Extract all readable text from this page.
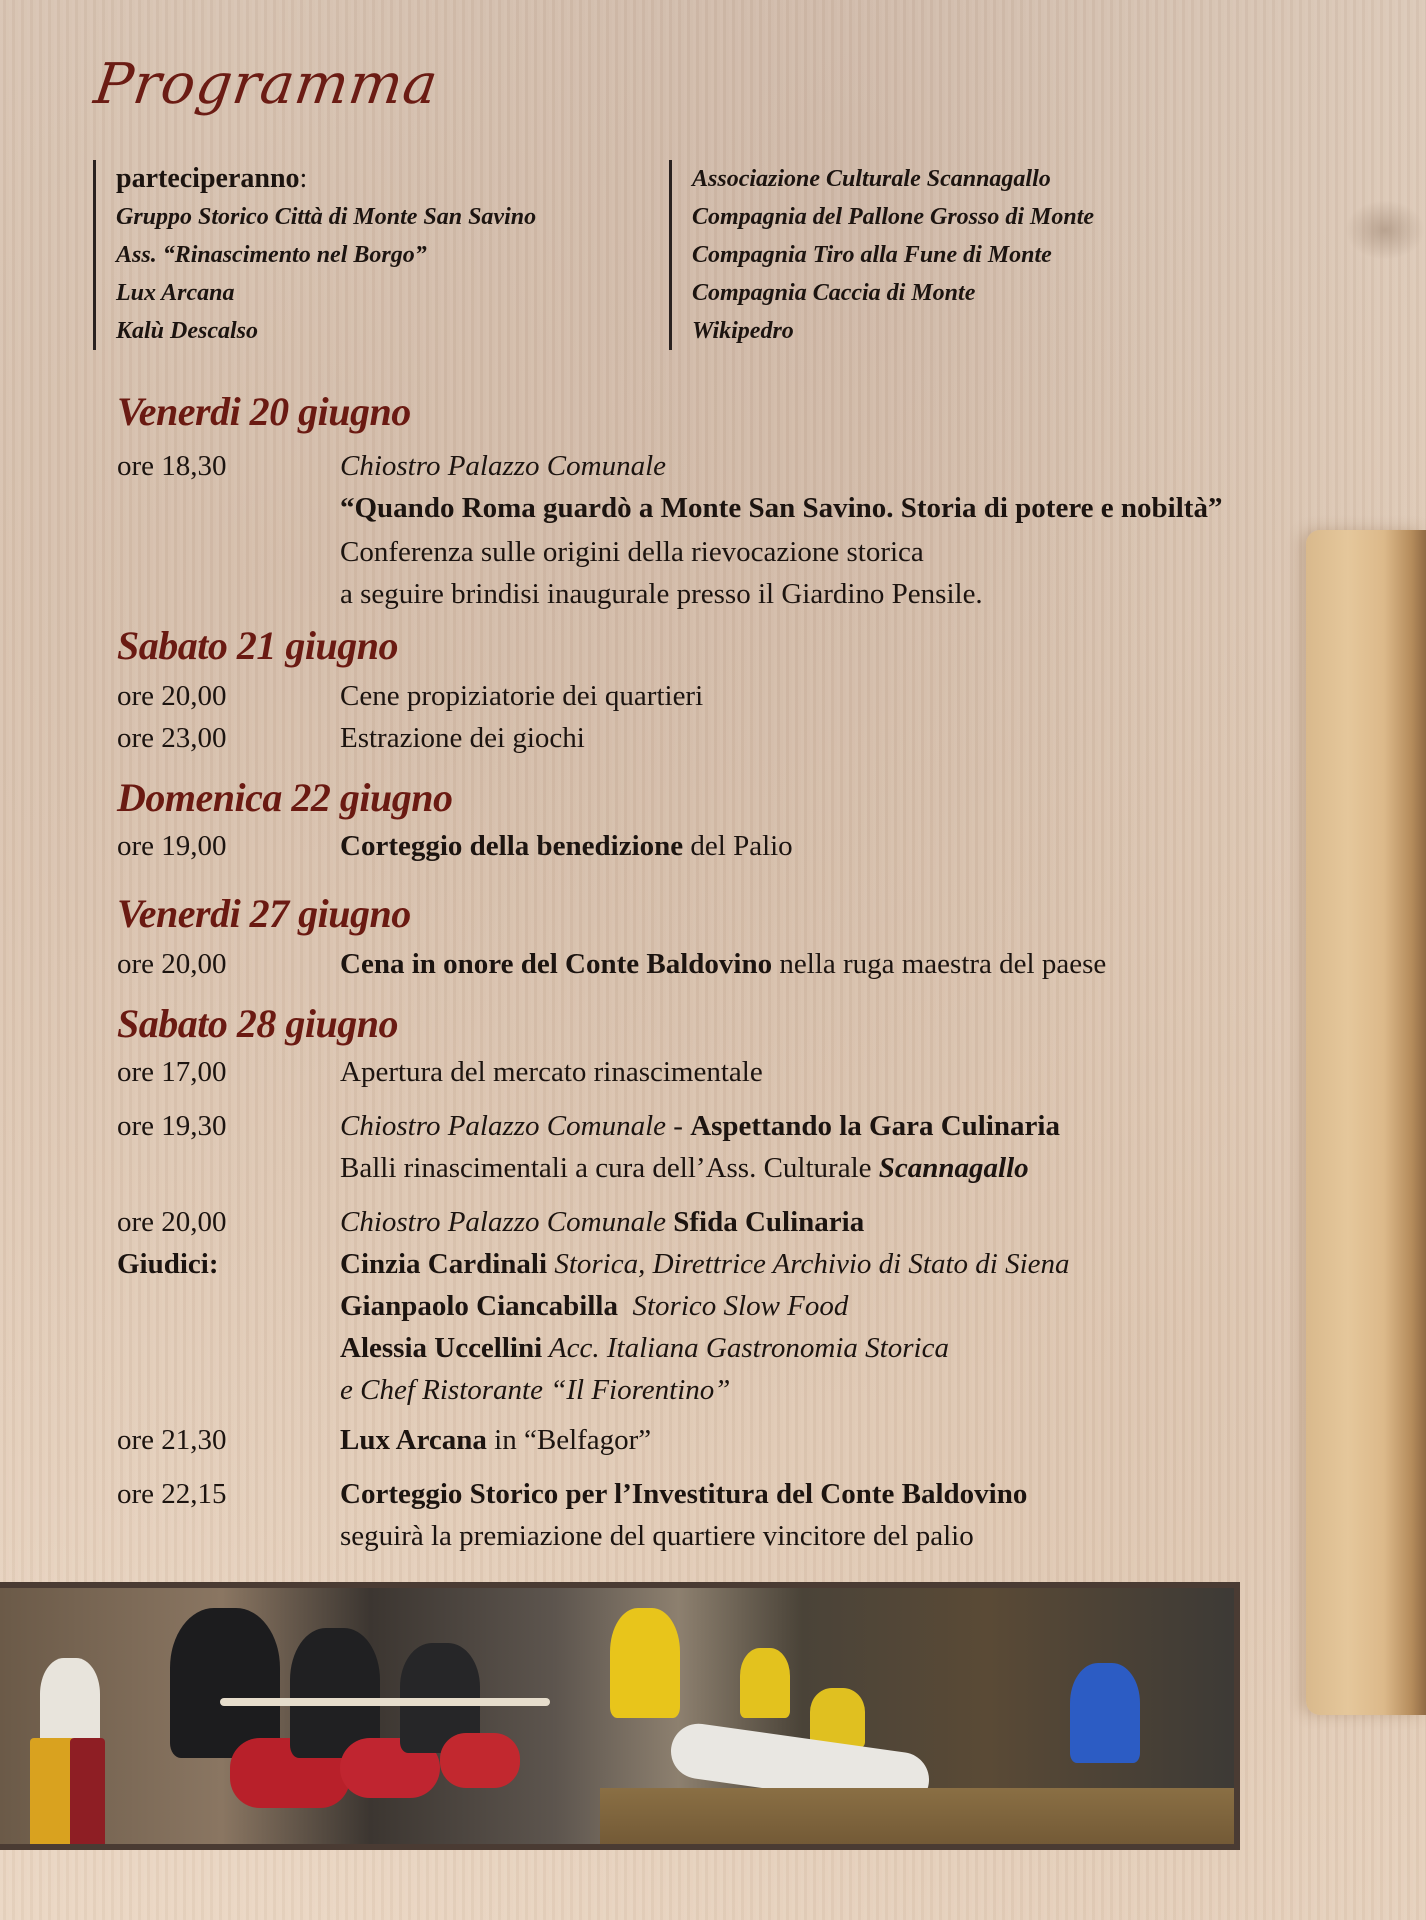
Programma
parteciperanno:
Gruppo Storico Città di Monte San Savino
Ass. “Rinascimento nel Borgo”
Lux Arcana
Kalù Descalso
Associazione Culturale Scannagallo
Compagnia del Pallone Grosso di Monte
Compagnia Tiro alla Fune di Monte
Compagnia Caccia di Monte
Wikipedro
Venerdi 20 giugno
ore 18,30	Chiostro Palazzo Comunale
“Quando Roma guardò a Monte San Savino. Storia di potere e nobiltà”
Conferenza sulle origini della rievocazione storica
a seguire brindisi inaugurale presso il Giardino Pensile.
Sabato 21 giugno
ore 20,00	Cene propiziatorie dei quartieri
ore 23,00	Estrazione dei giochi
Domenica 22 giugno
ore 19,00	Corteggio della benedizione del Palio
Venerdi 27 giugno
ore 20,00	Cena in onore del Conte Baldovino nella ruga maestra del paese
Sabato 28 giugno
ore 17,00	Apertura del mercato rinascimentale
ore 19,30	Chiostro Palazzo Comunale - Aspettando la Gara Culinaria
Balli rinascimentali a cura dell’Ass. Culturale Scannagallo
ore 20,00	Chiostro Palazzo Comunale Sfida Culinaria
Giudici:	Cinzia Cardinali Storica, Direttrice Archivio di Stato di Siena
Gianpaolo Ciancabilla  Storico Slow Food
Alessia Uccellini Acc. Italiana Gastronomia Storica
e Chef Ristorante “Il Fiorentino”
ore 21,30	Lux Arcana in “Belfagor”
ore 22,15	Corteggio Storico per l’Investitura del Conte Baldovino
seguirà la premiazione del quartiere vincitore del palio
